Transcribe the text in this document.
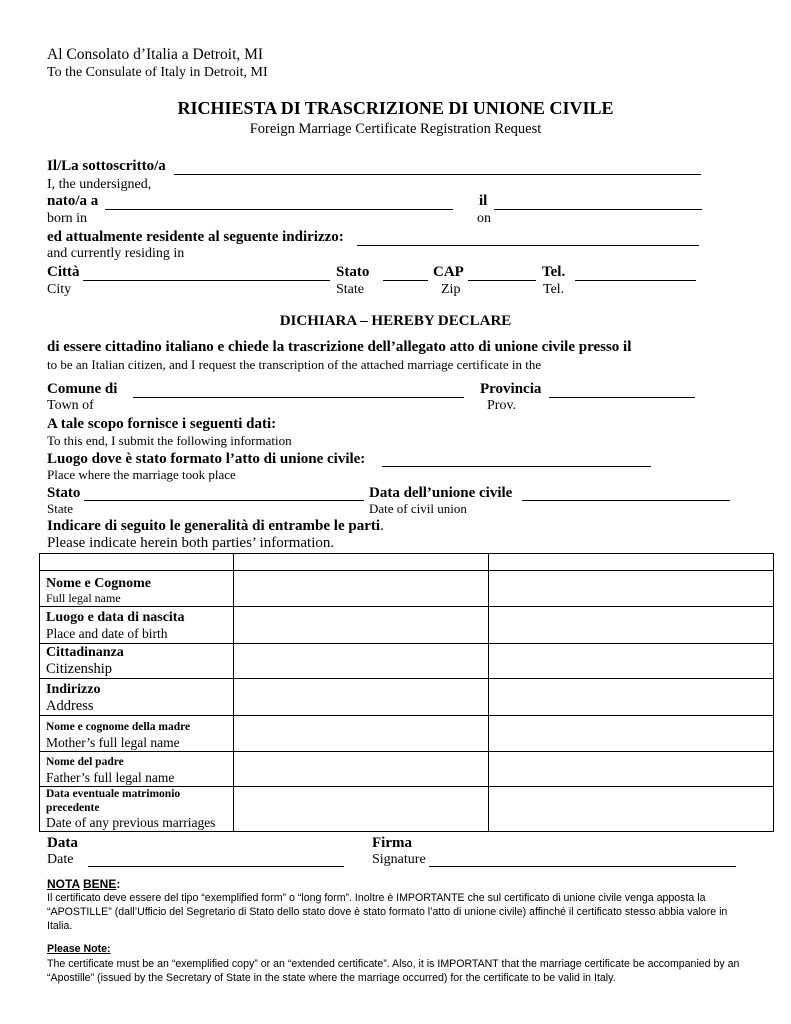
Al Consolato d’Italia a Detroit, MI
To the Consulate of Italy in Detroit, MI
RICHIESTA DI TRASCRIZIONE DI UNIONE CIVILE
Foreign Marriage Certificate Registration Request
Il/La sottoscritto/a
I, the undersigned,
nato/a a	il
born in	on
ed attualmente residente al seguente indirizzo:
and currently residing in
Città	Stato	CAP	Tel.
City	State	Zip	Tel.
DICHIARA – HEREBY DECLARE
di essere cittadino italiano e chiede la trascrizione dell’allegato atto di unione civile presso il
to be an Italian citizen, and I request the transcription of the attached marriage certificate in the
Comune di	Provincia
Town of	Prov.
A tale scopo fornisce i seguenti dati:
To this end, I submit the following information
Luogo dove è stato formato l’atto di unione civile:
Place where the marriage took place
Stato	Data dell’unione civile
State	Date of civil union
Indicare di seguito le generalità di entrambe le parti.
Please indicate herein both parties’ information.

Nome e Cognome
Full legal name		

Luogo e data di nascita
Place and date of birth		

Cittadinanza
Citizenship		

Indirizzo
Address		

Nome e cognome della madre
Mother’s full legal name		

Nome del padre
Father’s full legal name		

Data eventuale matrimonio precedente
Date of any previous marriages		

Data
Date
Firma
Signature
NOTA BENE:
Il certificato deve essere del tipo “exemplified form” o “long form”. Inoltre è IMPORTANTE che sul certificato di unione civile venga apposta la “APOSTILLE” (dall’Ufficio del Segretario di Stato dello stato dove è stato formato l’atto di unione civile) affinché il certificato stesso abbia valore in Italia.
Please Note:
The certificate must be an “exemplified copy” or an “extended certificate”. Also, it is IMPORTANT that the marriage certificate be accompanied by an “Apostille” (issued by the Secretary of State in the state where the marriage occurred) for the certificate to be valid in Italy.
